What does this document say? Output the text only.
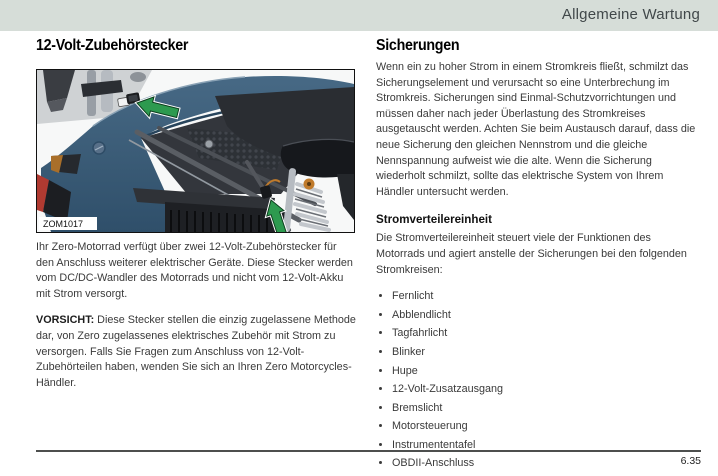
Allgemeine Wartung
12-Volt-Zubehörstecker
ZOM1017

Ihr Zero-Motorrad verfügt über zwei 12-Volt-Zubehörstecker für den Anschluss weiterer elektrischer Geräte. Diese Stecker werden vom DC/DC-Wandler des Motorrads und nicht vom 12-Volt-Akku mit Strom versorgt.

VORSICHT: Diese Stecker stellen die einzig zugelassene Methode dar, von Zero zugelassenes elektrisches Zubehör mit Strom zu versorgen. Falls Sie Fragen zum Anschluss von 12-Volt-Zubehörteilen haben, wenden Sie sich an Ihren Zero Motorcycles-Händler.

Sicherungen

Wenn ein zu hoher Strom in einem Stromkreis fließt, schmilzt das Sicherungselement und verursacht so eine Unterbrechung im Stromkreis. Sicherungen sind Einmal-Schutzvorrichtungen und müssen daher nach jeder Überlastung des Stromkreises ausgetauscht werden. Achten Sie beim Austausch darauf, dass die neue Sicherung den gleichen Nennstrom und die gleiche Nennspannung aufweist wie die alte. Wenn die Sicherung wiederholt schmilzt, sollte das elektrische System von Ihrem Händler untersucht werden.

Stromverteilereinheit

Die Stromverteilereinheit steuert viele der Funktionen des Motorrads und agiert anstelle der Sicherungen bei den folgenden Stromkreisen:

• Fernlicht
• Abblendlicht
• Tagfahrlicht
• Blinker
• Hupe
• 12-Volt-Zusatzausgang
• Bremslicht
• Motorsteuerung
• Instrumententafel
• OBDII-Anschluss	6.35
